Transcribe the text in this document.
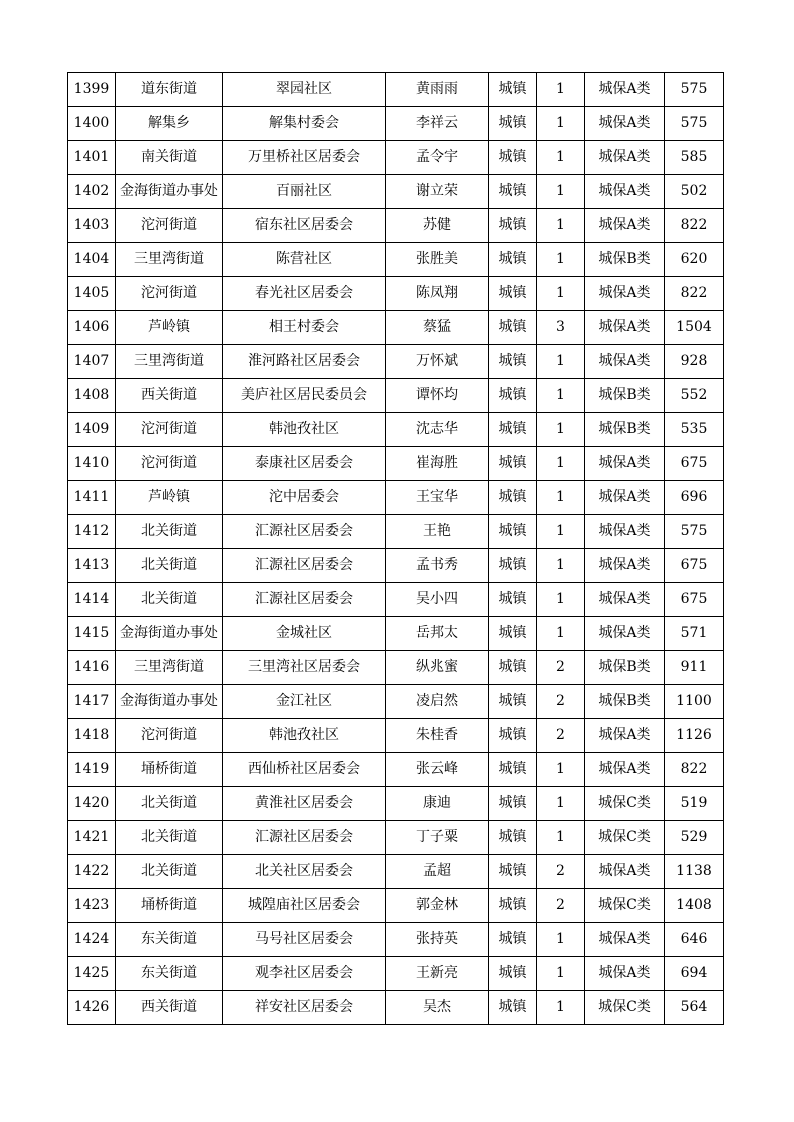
1399	道东街道	翠园社区	黄雨雨	城镇	1	城保A类	575
1400	解集乡	解集村委会	李祥云	城镇	1	城保A类	575
1401	南关街道	万里桥社区居委会	孟令宇	城镇	1	城保A类	585
1402	金海街道办事处	百丽社区	谢立荣	城镇	1	城保A类	502
1403	沱河街道	宿东社区居委会	苏健	城镇	1	城保A类	822
1404	三里湾街道	陈营社区	张胜美	城镇	1	城保B类	620
1405	沱河街道	春光社区居委会	陈凤翔	城镇	1	城保A类	822
1406	芦岭镇	相王村委会	蔡猛	城镇	3	城保A类	1504
1407	三里湾街道	淮河路社区居委会	万怀斌	城镇	1	城保A类	928
1408	西关街道	美庐社区居民委员会	谭怀均	城镇	1	城保B类	552
1409	沱河街道	韩池孜社区	沈志华	城镇	1	城保B类	535
1410	沱河街道	泰康社区居委会	崔海胜	城镇	1	城保A类	675
1411	芦岭镇	沱中居委会	王宝华	城镇	1	城保A类	696
1412	北关街道	汇源社区居委会	王艳	城镇	1	城保A类	575
1413	北关街道	汇源社区居委会	孟书秀	城镇	1	城保A类	675
1414	北关街道	汇源社区居委会	吴小四	城镇	1	城保A类	675
1415	金海街道办事处	金城社区	岳邦太	城镇	1	城保A类	571
1416	三里湾街道	三里湾社区居委会	纵兆蜜	城镇	2	城保B类	911
1417	金海街道办事处	金江社区	凌启然	城镇	2	城保B类	1100
1418	沱河街道	韩池孜社区	朱桂香	城镇	2	城保A类	1126
1419	埇桥街道	西仙桥社区居委会	张云峰	城镇	1	城保A类	822
1420	北关街道	黄淮社区居委会	康迪	城镇	1	城保C类	519
1421	北关街道	汇源社区居委会	丁子粟	城镇	1	城保C类	529
1422	北关街道	北关社区居委会	孟超	城镇	2	城保A类	1138
1423	埇桥街道	城隍庙社区居委会	郭金林	城镇	2	城保C类	1408
1424	东关街道	马号社区居委会	张持英	城镇	1	城保A类	646
1425	东关街道	观李社区居委会	王新亮	城镇	1	城保A类	694
1426	西关街道	祥安社区居委会	吴杰	城镇	1	城保C类	564
